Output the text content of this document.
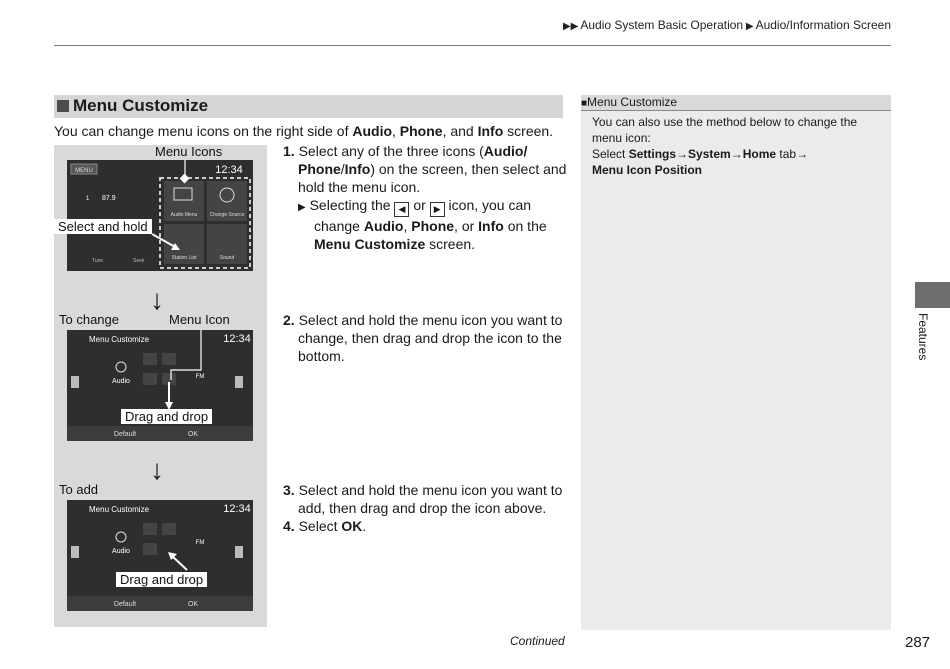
▶▶ Audio System Basic Operation ▶ Audio/Information Screen
Menu Customize
You can change menu icons on the right side of Audio, Phone, and Info screen.
MENU	12:34
87.9
1
Audio Menu Change Source
Station List	Sound
Tune	Seek
Menu Icons
Select and hold
↓
To change	Menu Icon
Menu Customize	12:34
Audio
FM
Default	OK
Drag and drop
↓
To add
Menu Customize	12:34
Audio
FM
Default	OK
Drag and drop
1. Select any of the three icons (Audio/
Phone/Info) on the screen, then select and
hold the menu icon.
▶ Selecting the ◀ or ▶ icon, you can
change Audio, Phone, or Info on the
Menu Customize screen.
2. Select and hold the menu icon you want to
change, then drag and drop the icon to the
bottom.
3. Select and hold the menu icon you want to
add, then drag and drop the icon above.
4. Select OK.
■Menu Customize
You can also use the method below to change the
menu icon:
Select Settings→System→Home tab→
Menu Icon Position
Features
Continued	287
